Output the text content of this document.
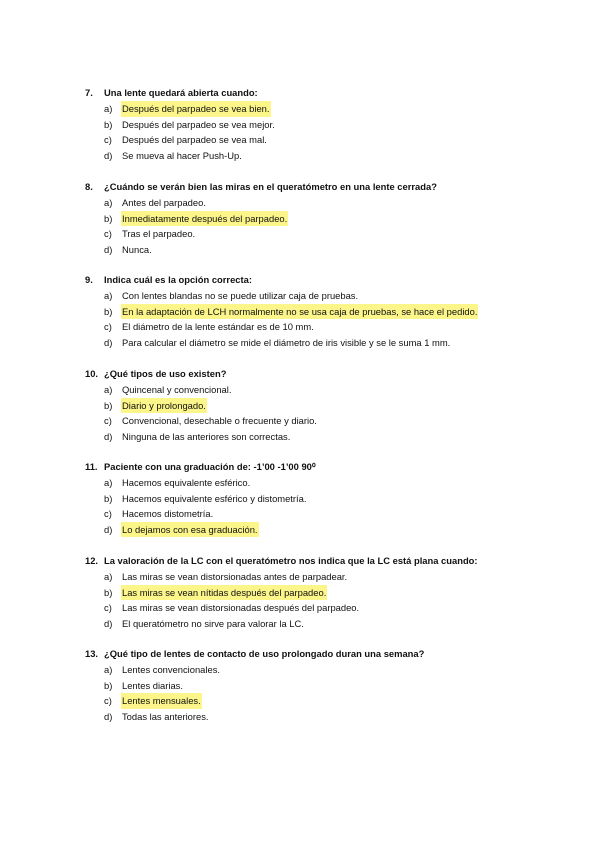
7. Una lente quedará abierta cuando:
a) Después del parpadeo se vea bien.
b) Después del parpadeo se vea mejor.
c) Después del parpadeo se vea mal.
d) Se mueva al hacer Push-Up.
8. ¿Cuándo se verán bien las miras en el queratómetro en una lente cerrada?
a) Antes del parpadeo.
b) Inmediatamente después del parpadeo.
c) Tras el parpadeo.
d) Nunca.
9. Indica cuál es la opción correcta:
a) Con lentes blandas no se puede utilizar caja de pruebas.
b) En la adaptación de LCH normalmente no se usa caja de pruebas, se hace el pedido.
c) El diámetro de la lente estándar es de 10 mm.
d) Para calcular el diámetro se mide el diámetro de iris visible y se le suma 1 mm.
10. ¿Qué tipos de uso existen?
a) Quincenal y convencional.
b) Diario y prolongado.
c) Convencional, desechable o frecuente y diario.
d) Ninguna de las anteriores son correctas.
11. Paciente con una graduación de: -1’00 -1’00 90⁰
a) Hacemos equivalente esférico.
b) Hacemos equivalente esférico y distometría.
c) Hacemos distometría.
d) Lo dejamos con esa graduación.
12. La valoración de la LC con el queratómetro nos indica que la LC está plana cuando:
a) Las miras se vean distorsionadas antes de parpadear.
b) Las miras se vean nítidas después del parpadeo.
c) Las miras se vean distorsionadas después del parpadeo.
d) El queratómetro no sirve para valorar la LC.
13. ¿Qué tipo de lentes de contacto de uso prolongado duran una semana?
a) Lentes convencionales.
b) Lentes diarias.
c) Lentes mensuales.
d) Todas las anteriores.
